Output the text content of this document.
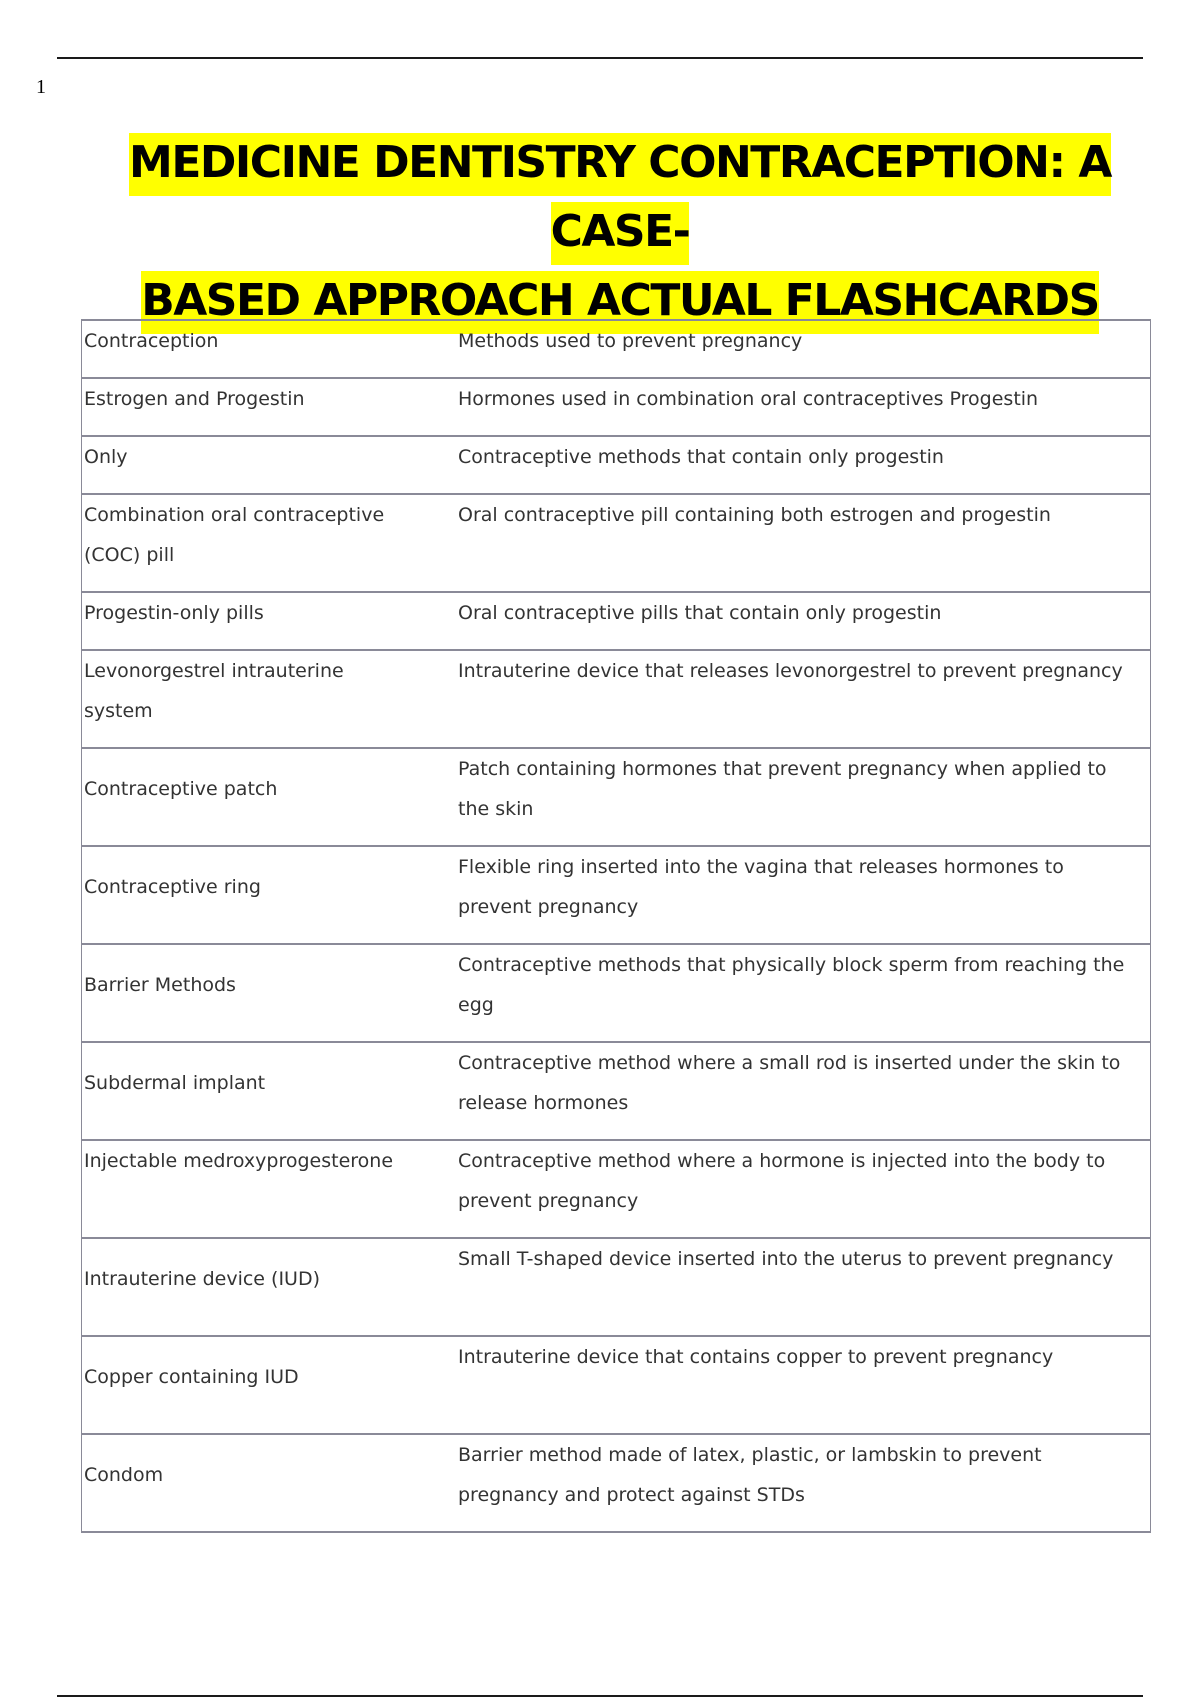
1
MEDICINE DENTISTRY CONTRACEPTION: A CASE-
BASED APPROACH ACTUAL FLASHCARDS
Contraception	Methods used to prevent pregnancy

Estrogen and Progestin	Hormones used in combination oral contraceptives Progestin

Only	Contraceptive methods that contain only progestin

Combination oral contraceptive (COC) pill	Oral contraceptive pill containing both estrogen and progestin

Progestin-only pills	Oral contraceptive pills that contain only progestin

Levonorgestrel intrauterine system	Intrauterine device that releases levonorgestrel to prevent pregnancy

Contraceptive patch	Patch containing hormones that prevent pregnancy when applied to the skin

Contraceptive ring	Flexible ring inserted into the vagina that releases hormones to prevent pregnancy

Barrier Methods	Contraceptive methods that physically block sperm from reaching the egg

Subdermal implant	Contraceptive method where a small rod is inserted under the skin to release hormones

Injectable medroxyprogesterone	Contraceptive method where a hormone is injected into the body to prevent pregnancy

Intrauterine device (IUD)	Small T-shaped device inserted into the uterus to prevent pregnancy

Copper containing IUD	Intrauterine device that contains copper to prevent pregnancy

Condom	Barrier method made of latex, plastic, or lambskin to prevent pregnancy and protect against STDs
